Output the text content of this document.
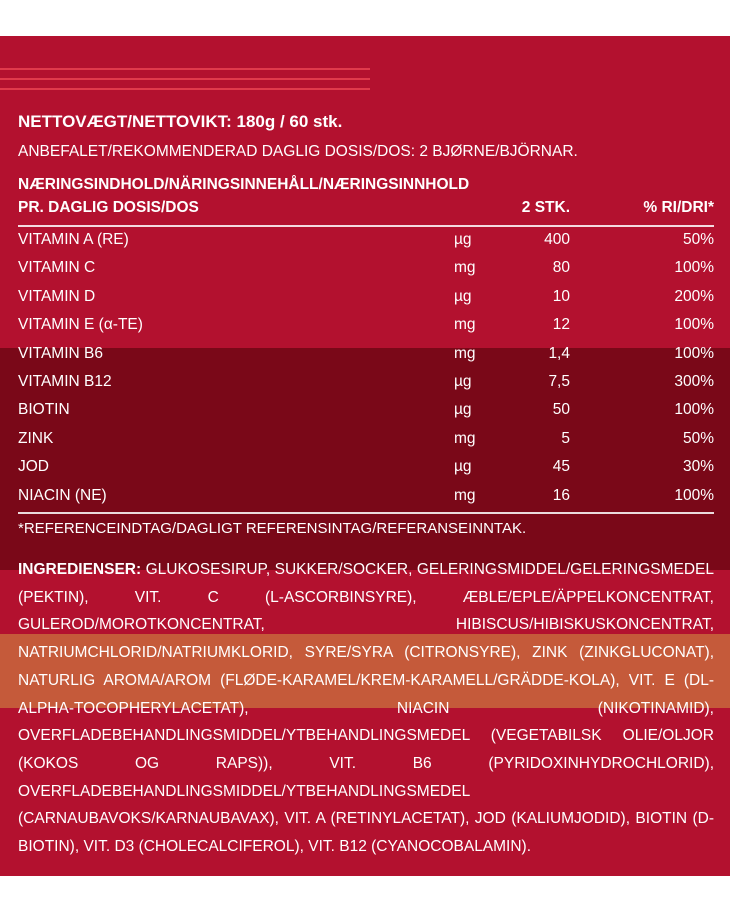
NETTOVÆGT/NETTOVIKT: 180g / 60 stk.
ANBEFALET/REKOMMENDERAD DAGLIG DOSIS/DOS: 2 BJØRNE/BJÖRNAR.
NÆRINGSINDHOLD/NÄRINGSINNEHÅLL/NÆRINGSINNHOLD
PR. DAGLIG DOSIS/DOS	2 STK.	% RI/DRI*
VITAMIN A (RE)	µg	400	50%
VITAMIN C	mg	80	100%
VITAMIN D	µg	10	200%
VITAMIN E (α-TE)	mg	12	100%
VITAMIN B6	mg	1,4	100%
VITAMIN B12	µg	7,5	300%
BIOTIN	µg	50	100%
ZINK	mg	5	50%
JOD	µg	45	30%
NIACIN (NE)	mg	16	100%
*REFERENCEINDTAG/DAGLIGT REFERENSINTAG/REFERANSEINNTAK.
INGREDIENSER: GLUKOSESIRUP, SUKKER/SOCKER, GELERINGSMIDDEL/GELERINGSMEDEL (PEKTIN), VIT. C (L-ASCORBINSYRE), ÆBLE/EPLE/ÄPPELKONCENTRAT, GULEROD/MOROTKONCENTRAT, HIBISCUS/HIBISKUSKONCENTRAT, NATRIUMCHLORID/NATRIUMKLORID, SYRE/SYRA (CITRONSYRE), ZINK (ZINKGLUCONAT), NATURLIG AROMA/AROM (FLØDE-KARAMEL/KREM-KARAMELL/GRÄDDE-KOLA), VIT. E (DL-ALPHA-TOCOPHERYLACETAT), NIACIN (NIKOTINAMID), OVERFLADEBEHANDLINGSMIDDEL/YTBEHANDLINGSMEDEL (VEGETABILSK OLIE/OLJOR (KOKOS OG RAPS)), VIT. B6 (PYRIDOXINHYDROCHLORID), OVERFLADEBEHANDLINGSMIDDEL/YTBEHANDLINGSMEDEL (CARNAUBAVOKS/KARNAUBAVAX), VIT. A (RETINYLACETAT), JOD (KALIUMJODID), BIOTIN (D-BIOTIN), VIT. D3 (CHOLECALCIFEROL), VIT. B12 (CYANOCOBALAMIN).
